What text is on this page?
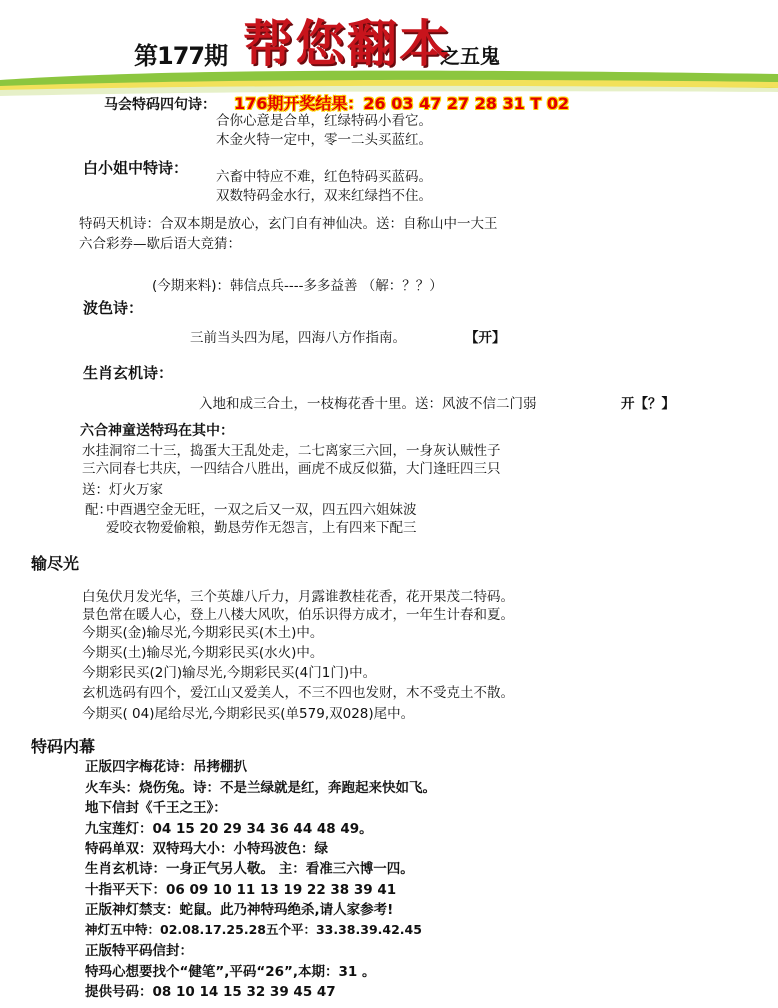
第177期 帮您翻本
之五鬼
马会特码四句诗： 176期开奖结果：26 03 47 27 28 31 T 02
合你心意是合单，红绿特码小看它。
木金火特一定中，零一二头买蓝红。
白小姐中特诗： 六畜中特应不难，红色特码买蓝码。
双数特码金水行，双来红绿挡不住。
特码天机诗：合双本期是放心，玄门自有神仙决。送：自称山中一大王
六合彩券—歇后语大竞猜：
(今期来料)：韩信点兵----多多益善 （解：？？）
波色诗：
三前当头四为尾，四海八方作指南。	【开】
生肖玄机诗：
入地和成三合土，一枝梅花香十里。送：风波不信二门弱	开【？】
六合神童送特玛在其中：
水挂洞帘二十三，捣蛋大王乱处走，二七离家三六回，一身灰认贼性子
三六同春七共庆，一四结合八胜出，画虎不成反似猫，大门逢旺四三只
送：灯火万家
配：
中酉遇空金无旺，一双之后又一双，四五四六姐妹波
爱咬衣物爱偷粮，勤恳劳作无怨言，上有四来下配三
输尽光
白兔伏月发光华，三个英雄八斤力，月露谁教桂花香，花开果茂二特码。
景色常在暖人心，登上八楼大风吹，伯乐识得方成才，一年生计春和夏。
今期买(金)输尽光,今期彩民买(木土)中。
今期买(土)输尽光,今期彩民买(水火)中。
今期彩民买(2门)输尽光,今期彩民买(4门1门)中。
玄机选码有四个，爱江山又爱美人，不三不四也发财，木不受克土不散。
今期买( 04)尾给尽光,今期彩民买(单579,双028)尾中。
特码内幕
正版四字梅花诗：吊拷棚扒
火车头：烧伤兔。诗：不是兰绿就是红，奔跑起来快如飞。
地下信封《千王之王》：
九宝莲灯：04 15 20 29 34 36 44 48 49。
特码单双：双特玛大小：小特玛波色：绿
生肖玄机诗：一身正气另人敬。 主：看准三六博一四。
十指平天下：06 09 10 11 13 19 22 38 39 41
正版神灯禁支：蛇鼠。此乃神特玛绝杀,请人家参考!
神灯五中特：02.08.17.25.28五个平：33.38.39.42.45
正版特平码信封：
特玛心想要找个“健笔”,平码“26”,本期：31 。
提供号码：08 10 14 15 32 39 45 47
